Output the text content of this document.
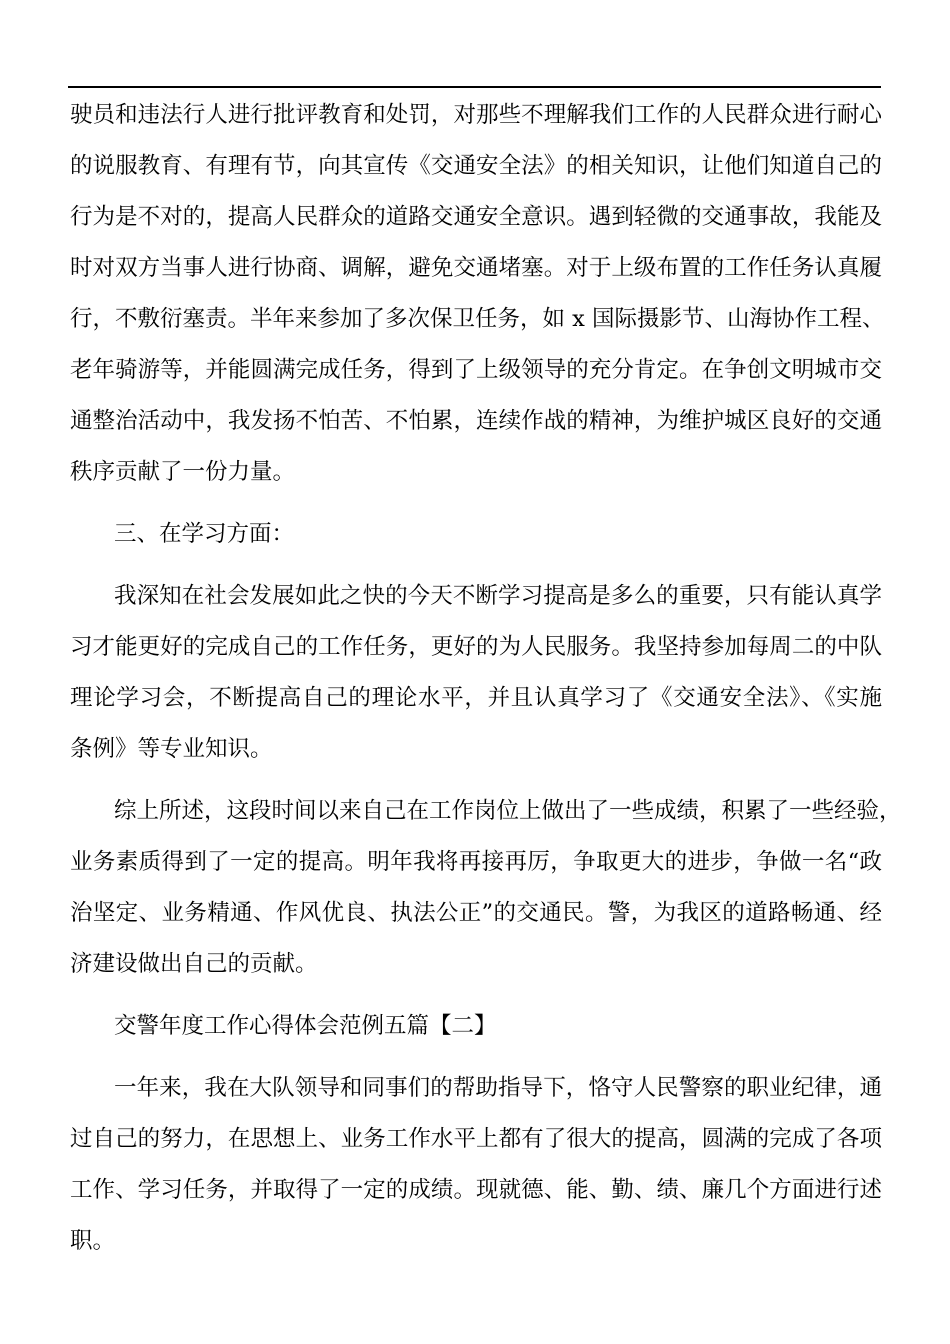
驶员和违法行人进行批评教育和处罚，对那些不理解我们工作的人民群众进行耐心
的说服教育、有理有节，向其宣传《交通安全法》的相关知识，让他们知道自己的
行为是不对的，提高人民群众的道路交通安全意识。遇到轻微的交通事故，我能及
时对双方当事人进行协商、调解，避免交通堵塞。对于上级布置的工作任务认真履
行，不敷衍塞责。半年来参加了多次保卫任务，如 x 国际摄影节、山海协作工程、
老年骑游等，并能圆满完成任务，得到了上级领导的充分肯定。在争创文明城市交
通整治活动中，我发扬不怕苦、不怕累，连续作战的精神，为维护城区良好的交通
秩序贡献了一份力量。
三、在学习方面：
我深知在社会发展如此之快的今天不断学习提高是多么的重要，只有能认真学
习才能更好的完成自己的工作任务，更好的为人民服务。我坚持参加每周二的中队
理论学习会，不断提高自己的理论水平，并且认真学习了《交通安全法》、《实施
条例》等专业知识。
综上所述，这段时间以来自己在工作岗位上做出了一些成绩，积累了一些经验，
业务素质得到了一定的提高。明年我将再接再厉，争取更大的进步，争做一名“政
治坚定、业务精通、作风优良、执法公正”的交通民。警，为我区的道路畅通、经
济建设做出自己的贡献。
交警年度工作心得体会范例五篇【二】
一年来，我在大队领导和同事们的帮助指导下，恪守人民警察的职业纪律，通
过自己的努力，在思想上、业务工作水平上都有了很大的提高，圆满的完成了各项
工作、学习任务，并取得了一定的成绩。现就德、能、勤、绩、廉几个方面进行述
职。
